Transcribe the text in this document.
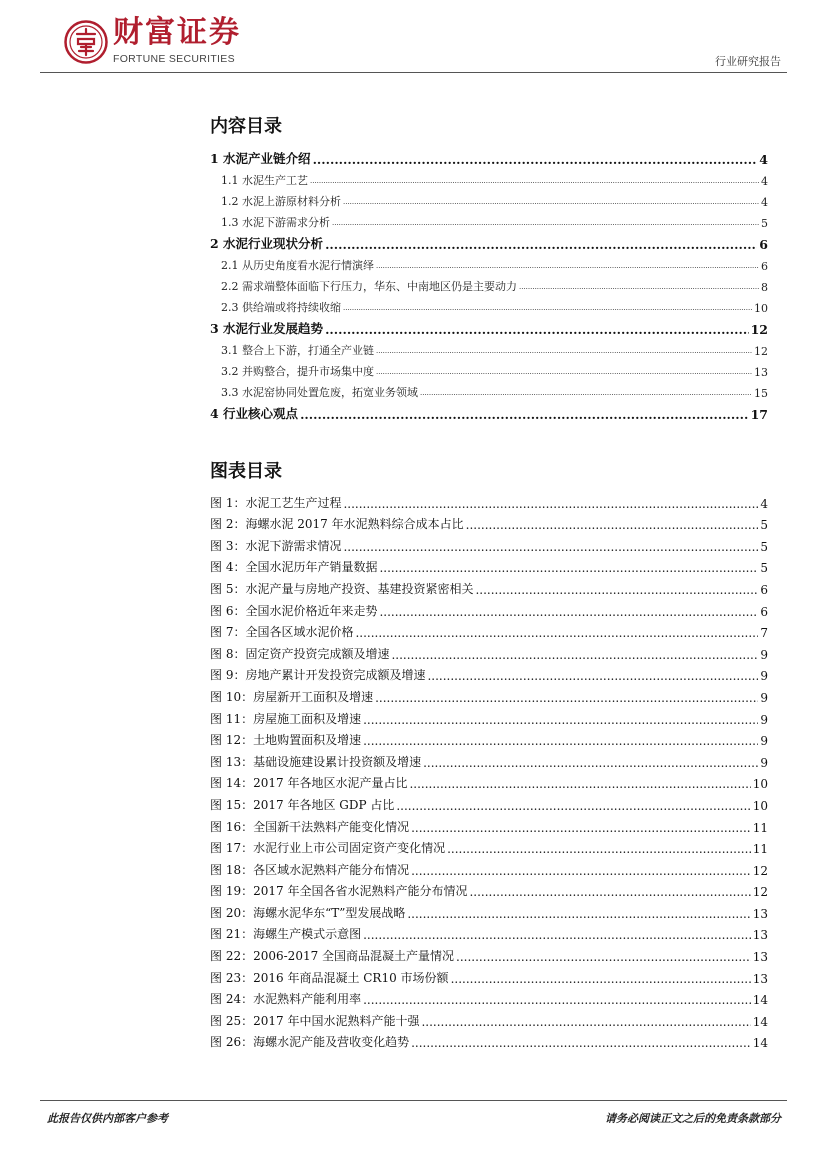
财富证券
FORTUNE SECURITIES	行业研究报告
内容目录
1 水泥产业链介绍 .....	4
1.1 水泥生产工艺 .....	4
1.2 水泥上游原材料分析 .....	4
1.3 水泥下游需求分析 .....	5
2 水泥行业现状分析 .....	6
2.1 从历史角度看水泥行情演绎 .....	6
2.2 需求端整体面临下行压力，华东、中南地区仍是主要动力 .....	8
2.3 供给端或将持续收缩 .....	10
3 水泥行业发展趋势 .....	12
3.1 整合上下游，打通全产业链 .....	12
3.2 并购整合，提升市场集中度 .....	13
3.3 水泥窑协同处置危废，拓宽业务领域 .....	15
4 行业核心观点 .....	17
图表目录
图 1：水泥工艺生产过程 .....	4
图 2：海螺水泥 2017 年水泥熟料综合成本占比 .....	5
图 3：水泥下游需求情况 .....	5
图 4：全国水泥历年产销量数据 .....	5
图 5：水泥产量与房地产投资、基建投资紧密相关 .....	6
图 6：全国水泥价格近年来走势 .....	6
图 7：全国各区域水泥价格 .....	7
图 8：固定资产投资完成额及增速 .....	9
图 9：房地产累计开发投资完成额及增速 .....	9
图 10：房屋新开工面积及增速 .....	9
图 11：房屋施工面积及增速 .....	9
图 12：土地购置面积及增速 .....	9
图 13：基础设施建设累计投资额及增速 .....	9
图 14：2017 年各地区水泥产量占比 .....	10
图 15：2017 年各地区 GDP 占比 .....	10
图 16：全国新干法熟料产能变化情况 .....	11
图 17：水泥行业上市公司固定资产变化情况 .....	11
图 18：各区域水泥熟料产能分布情况 .....	12
图 19：2017 年全国各省水泥熟料产能分布情况 .....	12
图 20：海螺水泥华东“T”型发展战略 .....	13
图 21：海螺生产模式示意图 .....	13
图 22：2006-2017 全国商品混凝土产量情况 .....	13
图 23：2016 年商品混凝土 CR10 市场份额 .....	13
图 24：水泥熟料产能利用率 .....	14
图 25：2017 年中国水泥熟料产能十强 .....	14
图 26：海螺水泥产能及营收变化趋势 .....	14
此报告仅供内部客户参考	请务必阅读正文之后的免责条款部分
